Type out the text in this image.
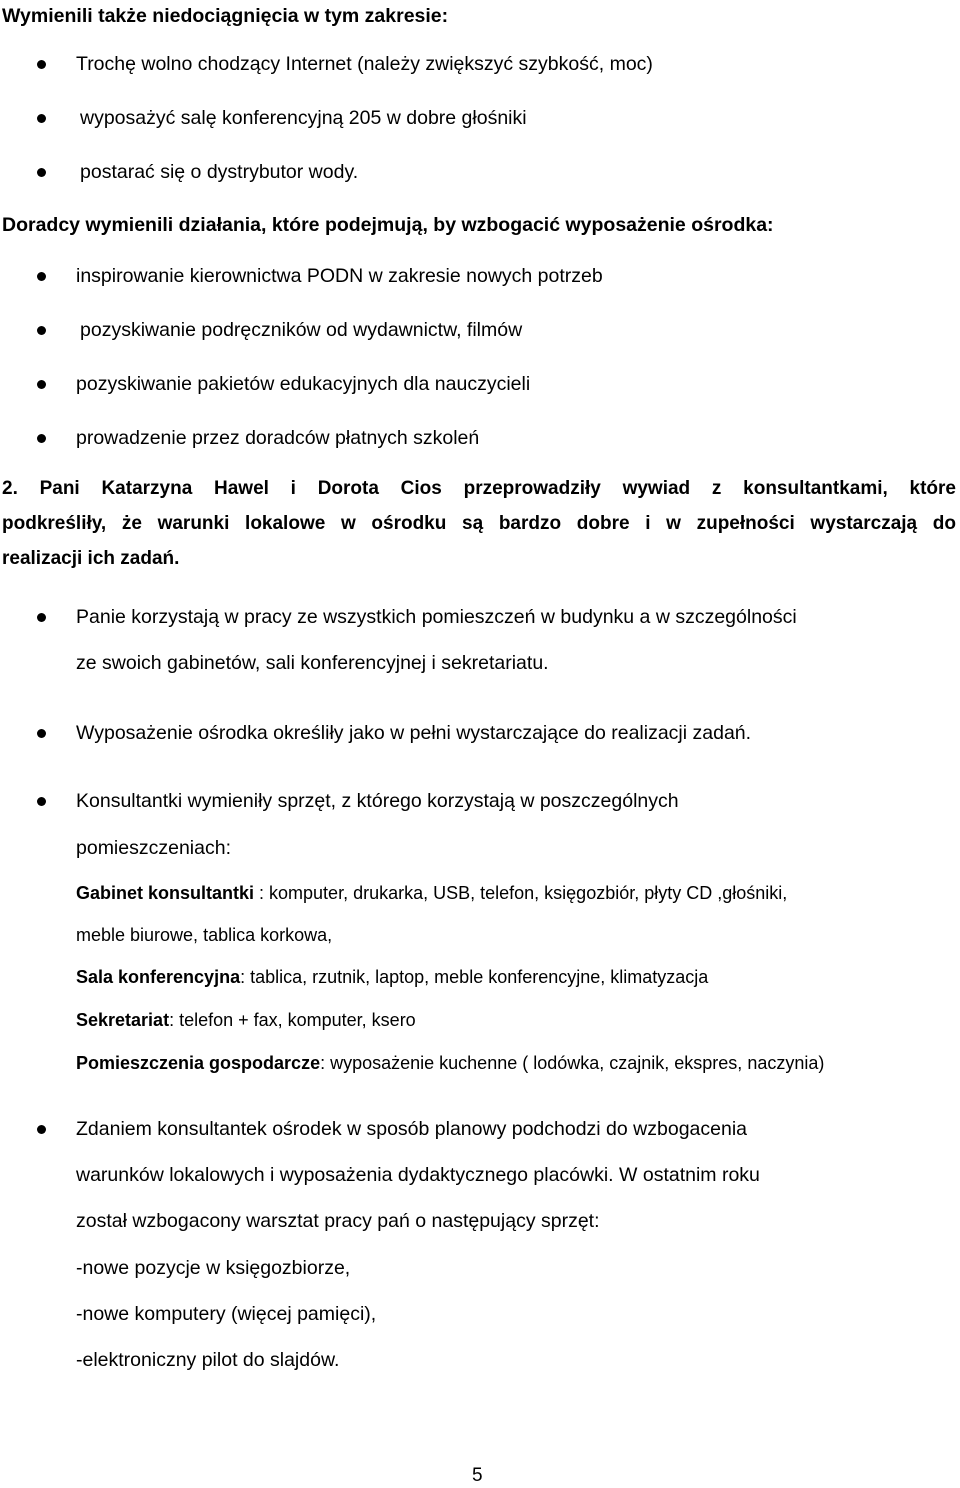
Wymienili także niedociągnięcia w tym zakresie:
Trochę wolno chodzący Internet (należy zwiększyć szybkość, moc)
wyposażyć salę konferencyjną 205 w dobre głośniki
postarać się o dystrybutor wody.
Doradcy wymienili działania, które podejmują, by wzbogacić wyposażenie ośrodka:
inspirowanie kierownictwa PODN w zakresie nowych potrzeb
pozyskiwanie podręczników od wydawnictw, filmów
pozyskiwanie pakietów edukacyjnych dla nauczycieli
prowadzenie przez doradców płatnych szkoleń
2. Pani Katarzyna Hawel i Dorota Cios przeprowadziły wywiad z konsultantkami, które
podkreśliły, że warunki lokalowe w ośrodku są bardzo dobre i w zupełności wystarczają do
realizacji ich zadań.
Panie korzystają w pracy ze wszystkich pomieszczeń w budynku a w szczególności
ze swoich gabinetów, sali konferencyjnej i sekretariatu.
Wyposażenie ośrodka określiły jako w pełni wystarczające do realizacji zadań.
Konsultantki wymieniły sprzęt, z którego korzystają w poszczególnych
pomieszczeniach:
Gabinet konsultantki : komputer, drukarka, USB, telefon, księgozbiór, płyty CD ,głośniki,
meble biurowe, tablica korkowa,
Sala konferencyjna: tablica, rzutnik, laptop, meble konferencyjne, klimatyzacja
Sekretariat: telefon + fax, komputer, ksero
Pomieszczenia gospodarcze: wyposażenie kuchenne ( lodówka, czajnik, ekspres, naczynia)
Zdaniem konsultantek ośrodek w sposób planowy podchodzi do wzbogacenia
warunków lokalowych i wyposażenia dydaktycznego placówki. W ostatnim roku
został wzbogacony warsztat pracy pań o następujący sprzęt:
-nowe pozycje w księgozbiorze,
-nowe komputery (więcej pamięci),
-elektroniczny pilot do slajdów.
5
